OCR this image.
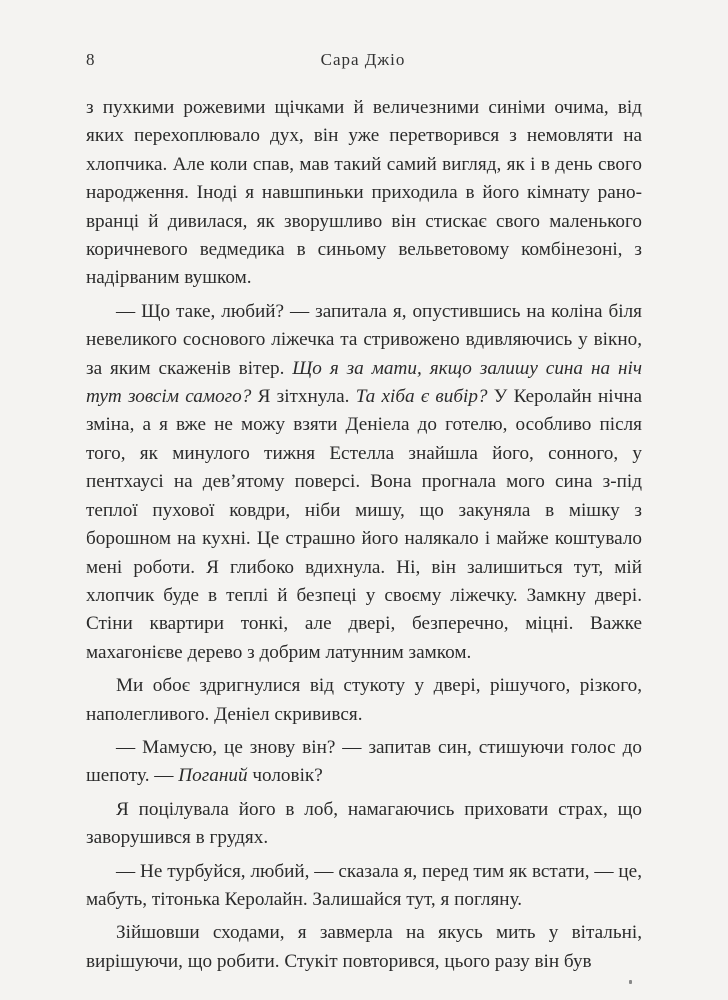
8	Сара Джіо

з пухкими рожевими щічками й величезними синіми очима, від яких перехоплювало дух, він уже перетворився з немовляти на хлопчика. Але коли спав, мав такий самий вигляд, як і в день свого народження. Іноді я навшпиньки приходила в його кімнату рано-вранці й дивилася, як зворушливо він стискає свого маленького коричневого ведмедика в синьому вельветовому комбінезоні, з надірваним вушком.

— Що таке, любий? — запитала я, опустившись на коліна біля невеликого соснового ліжечка та стривожено вдивляючись у вікно, за яким скаженів вітер. Що я за мати, якщо залишу сина на ніч тут зовсім самого? Я зітхнула. Та хіба є вибір? У Керолайн нічна зміна, а я вже не можу взяти Деніела до готелю, особливо після того, як минулого тижня Естелла знайшла його, сонного, у пентхаусі на дев’ятому поверсі. Вона прогнала мого сина з-під теплої пухової ковдри, ніби мишу, що закуняла в мішку з борошном на кухні. Це страшно його налякало і майже коштувало мені роботи. Я глибоко вдихнула. Ні, він залишиться тут, мій хлопчик буде в теплі й безпеці у своєму ліжечку. Замкну двері. Стіни квартири тонкі, але двері, безперечно, міцні. Важке махагонієве дерево з добрим латунним замком.

Ми обоє здригнулися від стукоту у двері, рішучого, різкого, наполегливого. Деніел скривився.

— Мамусю, це знову він? — запитав син, стишуючи голос до шепоту. — Поганий чоловік?

Я поцілувала його в лоб, намагаючись приховати страх, що заворушився в грудях.

— Не турбуйся, любий, — сказала я, перед тим як встати, — це, мабуть, тітонька Керолайн. Залишайся тут, я погляну.

Зійшовши сходами, я завмерла на якусь мить у вітальні, вирішуючи, що робити. Стукіт повторився, цього разу він був
